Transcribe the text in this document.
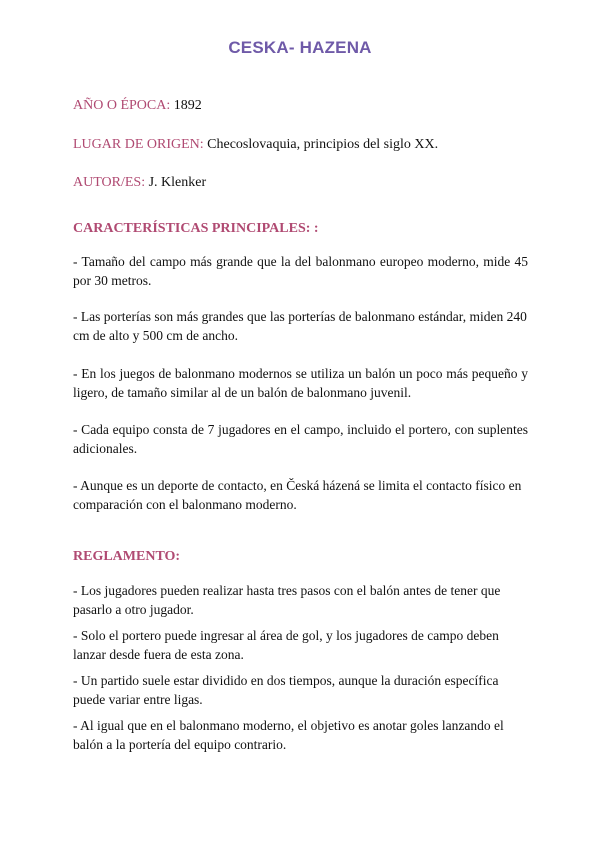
CESKA- HAZENA

AÑO O ÉPOCA: 1892

LUGAR DE ORIGEN: Checoslovaquia, principios del siglo XX.

AUTOR/ES: J. Klenker

CARACTERÍSTICAS PRINCIPALES: :

- Tamaño del campo más grande que la del balonmano europeo moderno, mide 45 por 30 metros.

- Las porterías son más grandes que las porterías de balonmano estándar, miden 240 cm de alto y 500 cm de ancho.

- En los juegos de balonmano modernos se utiliza un balón un poco más pequeño y ligero, de tamaño similar al de un balón de balonmano juvenil.

- Cada equipo consta de 7 jugadores en el campo, incluido el portero, con suplentes adicionales.

- Aunque es un deporte de contacto, en Česká házená se limita el contacto físico en comparación con el balonmano moderno.

REGLAMENTO:

- Los jugadores pueden realizar hasta tres pasos con el balón antes de tener que pasarlo a otro jugador.

- Solo el portero puede ingresar al área de gol, y los jugadores de campo deben lanzar desde fuera de esta zona.

- Un partido suele estar dividido en dos tiempos, aunque la duración específica puede variar entre ligas.

- Al igual que en el balonmano moderno, el objetivo es anotar goles lanzando el balón a la portería del equipo contrario.
